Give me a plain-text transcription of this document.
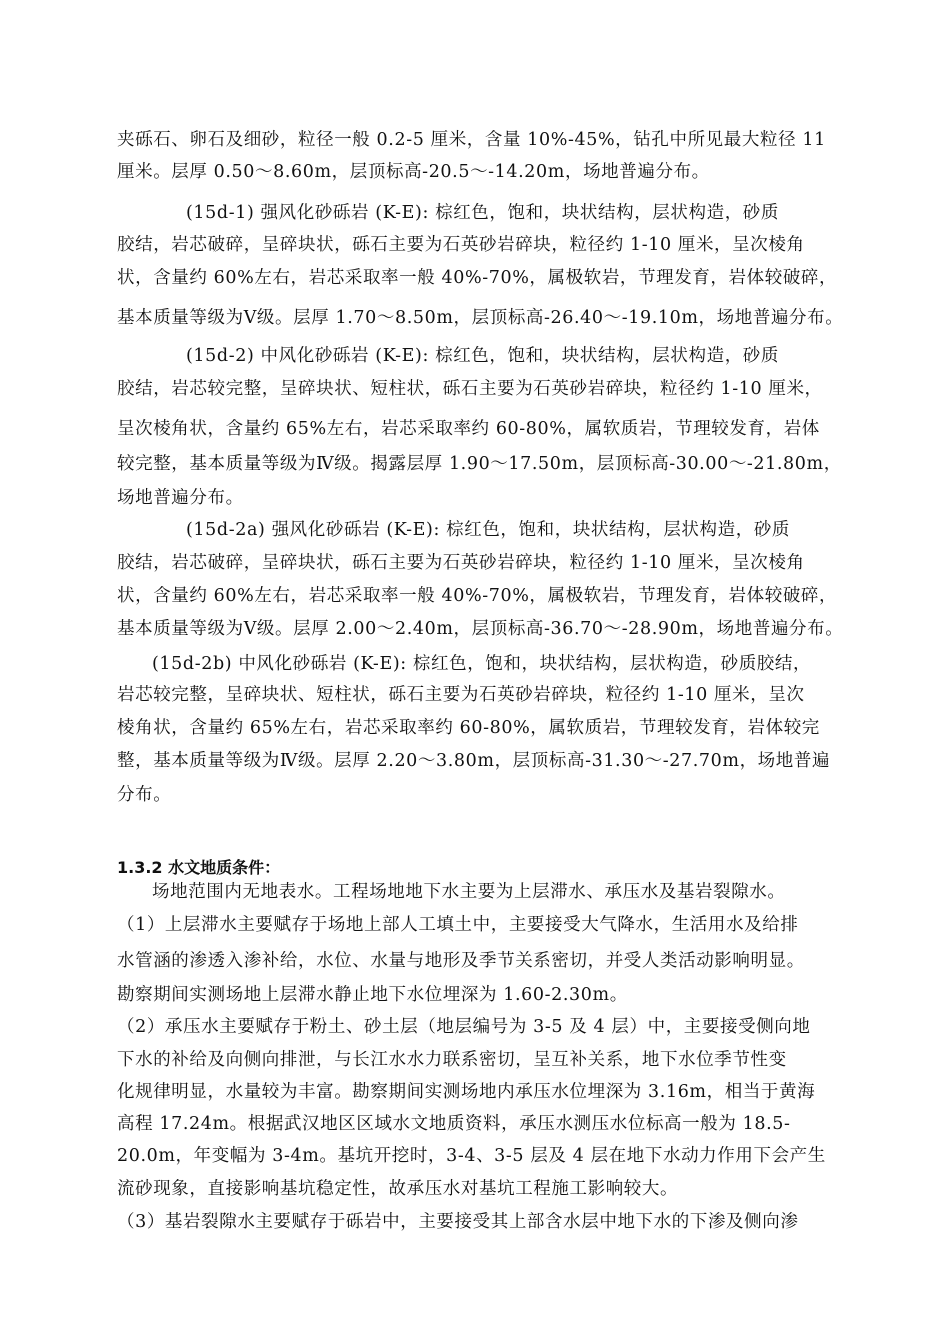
夹砾石、卵石及细砂，粒径一般 0.2-5 厘米，含量 10%-45%，钻孔中所见最大粒径 11
厘米。层厚 0.50～8.60m，层顶标高-20.5～-14.20m，场地普遍分布。
(15d-1) 强风化砂砾岩 (K-E): 棕红色，饱和，块状结构，层状构造，砂质
胶结，岩芯破碎，呈碎块状，砾石主要为石英砂岩碎块，粒径约 1-10 厘米，呈次棱角
状，含量约 60%左右，岩芯采取率一般 40%-70%，属极软岩，节理发育，岩体较破碎，
基本质量等级为Ⅴ级。层厚 1.70～8.50m，层顶标高-26.40～-19.10m，场地普遍分布。
(15d-2) 中风化砂砾岩 (K-E): 棕红色，饱和，块状结构，层状构造，砂质
胶结，岩芯较完整，呈碎块状、短柱状，砾石主要为石英砂岩碎块，粒径约 1-10 厘米，
呈次棱角状，含量约 65%左右，岩芯采取率约 60-80%，属软质岩，节理较发育，岩体
较完整，基本质量等级为Ⅳ级。揭露层厚 1.90～17.50m，层顶标高-30.00～-21.80m，
场地普遍分布。
(15d-2a) 强风化砂砾岩 (K-E): 棕红色，饱和，块状结构，层状构造，砂质
胶结，岩芯破碎，呈碎块状，砾石主要为石英砂岩碎块，粒径约 1-10 厘米，呈次棱角
状，含量约 60%左右，岩芯采取率一般 40%-70%，属极软岩，节理发育，岩体较破碎，
基本质量等级为Ⅴ级。层厚 2.00～2.40m，层顶标高-36.70～-28.90m，场地普遍分布。
(15d-2b) 中风化砂砾岩 (K-E): 棕红色，饱和，块状结构，层状构造，砂质胶结，
岩芯较完整，呈碎块状、短柱状，砾石主要为石英砂岩碎块，粒径约 1-10 厘米，呈次
棱角状，含量约 65%左右，岩芯采取率约 60-80%，属软质岩，节理较发育，岩体较完
整，基本质量等级为Ⅳ级。层厚 2.20～3.80m，层顶标高-31.30～-27.70m，场地普遍
分布。
1.3.2 水文地质条件：
场地范围内无地表水。工程场地地下水主要为上层滞水、承压水及基岩裂隙水。
（1）上层滞水主要赋存于场地上部人工填土中，主要接受大气降水，生活用水及给排
水管涵的渗透入渗补给，水位、水量与地形及季节关系密切，并受人类活动影响明显。
勘察期间实测场地上层滞水静止地下水位埋深为 1.60-2.30m。
（2）承压水主要赋存于粉土、砂土层（地层编号为 3-5 及 4 层）中，主要接受侧向地
下水的补给及向侧向排泄，与长江水水力联系密切，呈互补关系，地下水位季节性变
化规律明显，水量较为丰富。勘察期间实测场地内承压水位埋深为 3.16m，相当于黄海
高程 17.24m。根据武汉地区区域水文地质资料，承压水测压水位标高一般为 18.5-
20.0m，年变幅为 3-4m。基坑开挖时，3-4、3-5 层及 4 层在地下水动力作用下会产生
流砂现象，直接影响基坑稳定性，故承压水对基坑工程施工影响较大。
（3）基岩裂隙水主要赋存于砾岩中，主要接受其上部含水层中地下水的下渗及侧向渗
